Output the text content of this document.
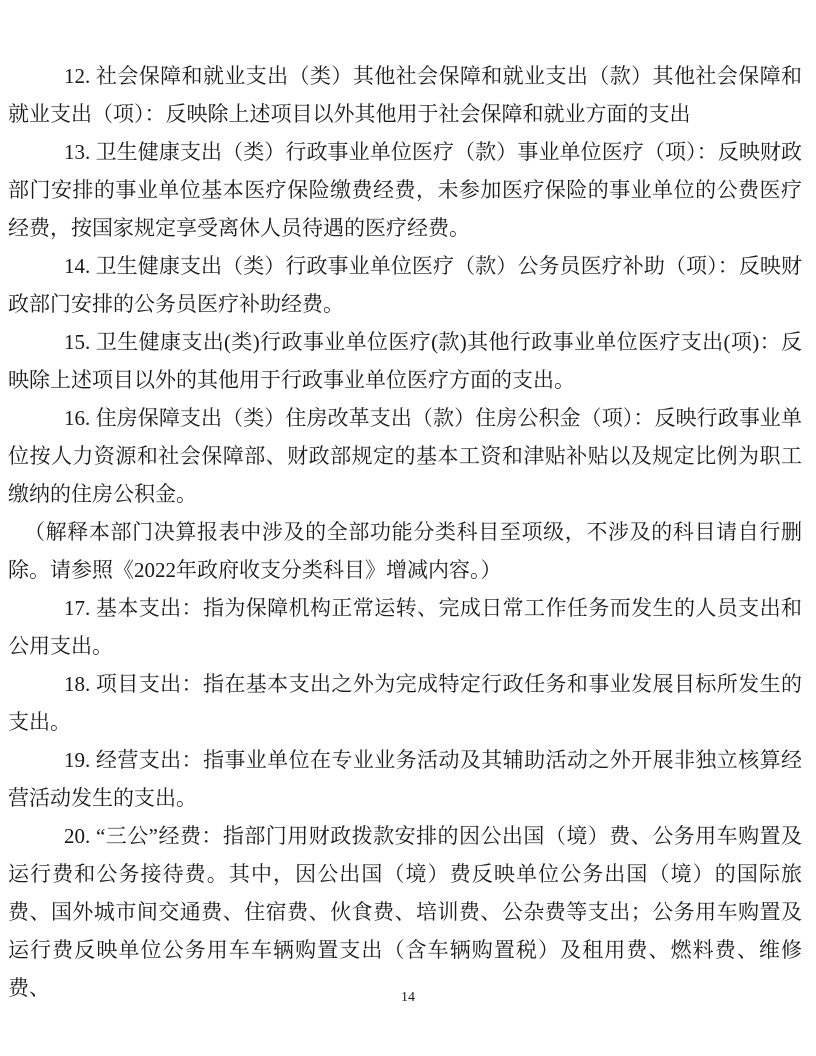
12. 社会保障和就业支出（类）其他社会保障和就业支出（款）其他社会保障和就业支出（项）：反映除上述项目以外其他用于社会保障和就业方面的支出

13. 卫生健康支出（类）行政事业单位医疗（款）事业单位医疗（项）：反映财政部门安排的事业单位基本医疗保险缴费经费，未参加医疗保险的事业单位的公费医疗经费，按国家规定享受离休人员待遇的医疗经费。

14. 卫生健康支出（类）行政事业单位医疗（款）公务员医疗补助（项）：反映财政部门安排的公务员医疗补助经费。

15. 卫生健康支出(类)行政事业单位医疗(款)其他行政事业单位医疗支出(项)：反映除上述项目以外的其他用于行政事业单位医疗方面的支出。

16. 住房保障支出（类）住房改革支出（款）住房公积金（项）：反映行政事业单位按人力资源和社会保障部、财政部规定的基本工资和津贴补贴以及规定比例为职工缴纳的住房公积金。

（解释本部门决算报表中涉及的全部功能分类科目至项级，不涉及的科目请自行删除。请参照《2022年政府收支分类科目》增减内容。）

17. 基本支出：指为保障机构正常运转、完成日常工作任务而发生的人员支出和公用支出。

18. 项目支出：指在基本支出之外为完成特定行政任务和事业发展目标所发生的支出。

19. 经营支出：指事业单位在专业业务活动及其辅助活动之外开展非独立核算经营活动发生的支出。

20. “三公”经费：指部门用财政拨款安排的因公出国（境）费、公务用车购置及运行费和公务接待费。其中，因公出国（境）费反映单位公务出国（境）的国际旅费、国外城市间交通费、住宿费、伙食费、培训费、公杂费等支出；公务用车购置及运行费反映单位公务用车车辆购置支出（含车辆购置税）及租用费、燃料费、维修费、	14
